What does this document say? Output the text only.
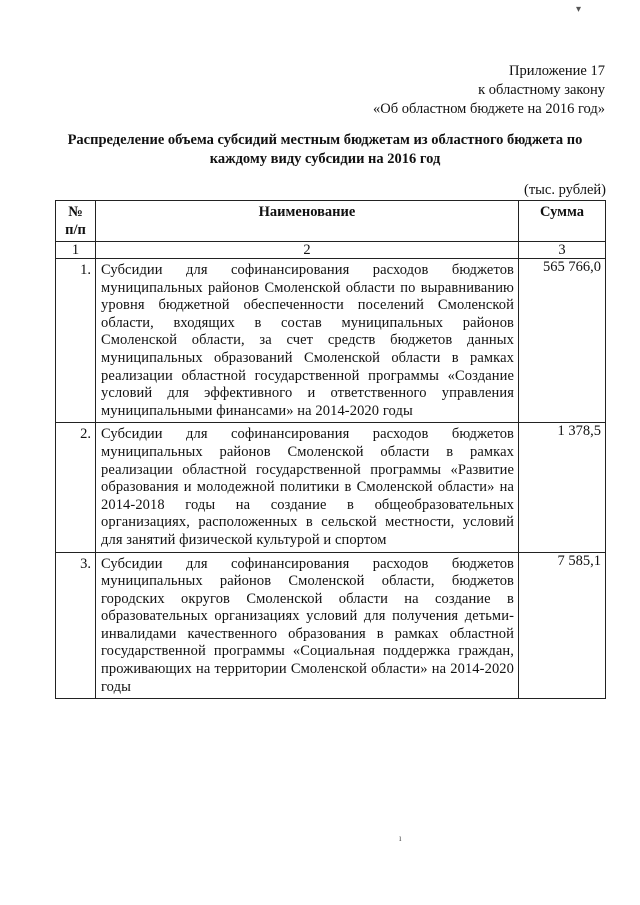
Приложение 17
к областному закону
«Об областном бюджете на 2016 год»
Распределение объема субсидий местным бюджетам из областного бюджета по
каждому виду субсидии на 2016 год
(тыс. рублей)
№
п/п	Наименование	Сумма
1	2	3
1.	Субсидии для софинансирования расходов бюджетов муниципальных районов Смоленской области по выравниванию уровня бюджетной обеспеченности поселений Смоленской области, входящих в состав муниципальных районов Смоленской области, за счет средств бюджетов данных муниципальных образований Смоленской области в рамках реализации областной государственной программы «Создание условий для эффективного и ответственного управления муниципальными финансами» на 2014-2020 годы	565 766,0
2.	Субсидии для софинансирования расходов бюджетов муниципальных районов Смоленской области в рамках реализации областной государственной программы «Развитие образования и молодежной политики в Смоленской области» на 2014-2018 годы на создание в общеобразовательных организациях, расположенных в сельской местности, условий для занятий физической культурой и спортом	1 378,5
3.	Субсидии для софинансирования расходов бюджетов муниципальных районов Смоленской области, бюджетов городских округов Смоленской области на создание в образовательных организациях условий для получения детьми-инвалидами качественного образования в рамках областной государственной программы «Социальная поддержка граждан, проживающих на территории Смоленской области» на 2014-2020 годы	7 585,1
▾
ı
